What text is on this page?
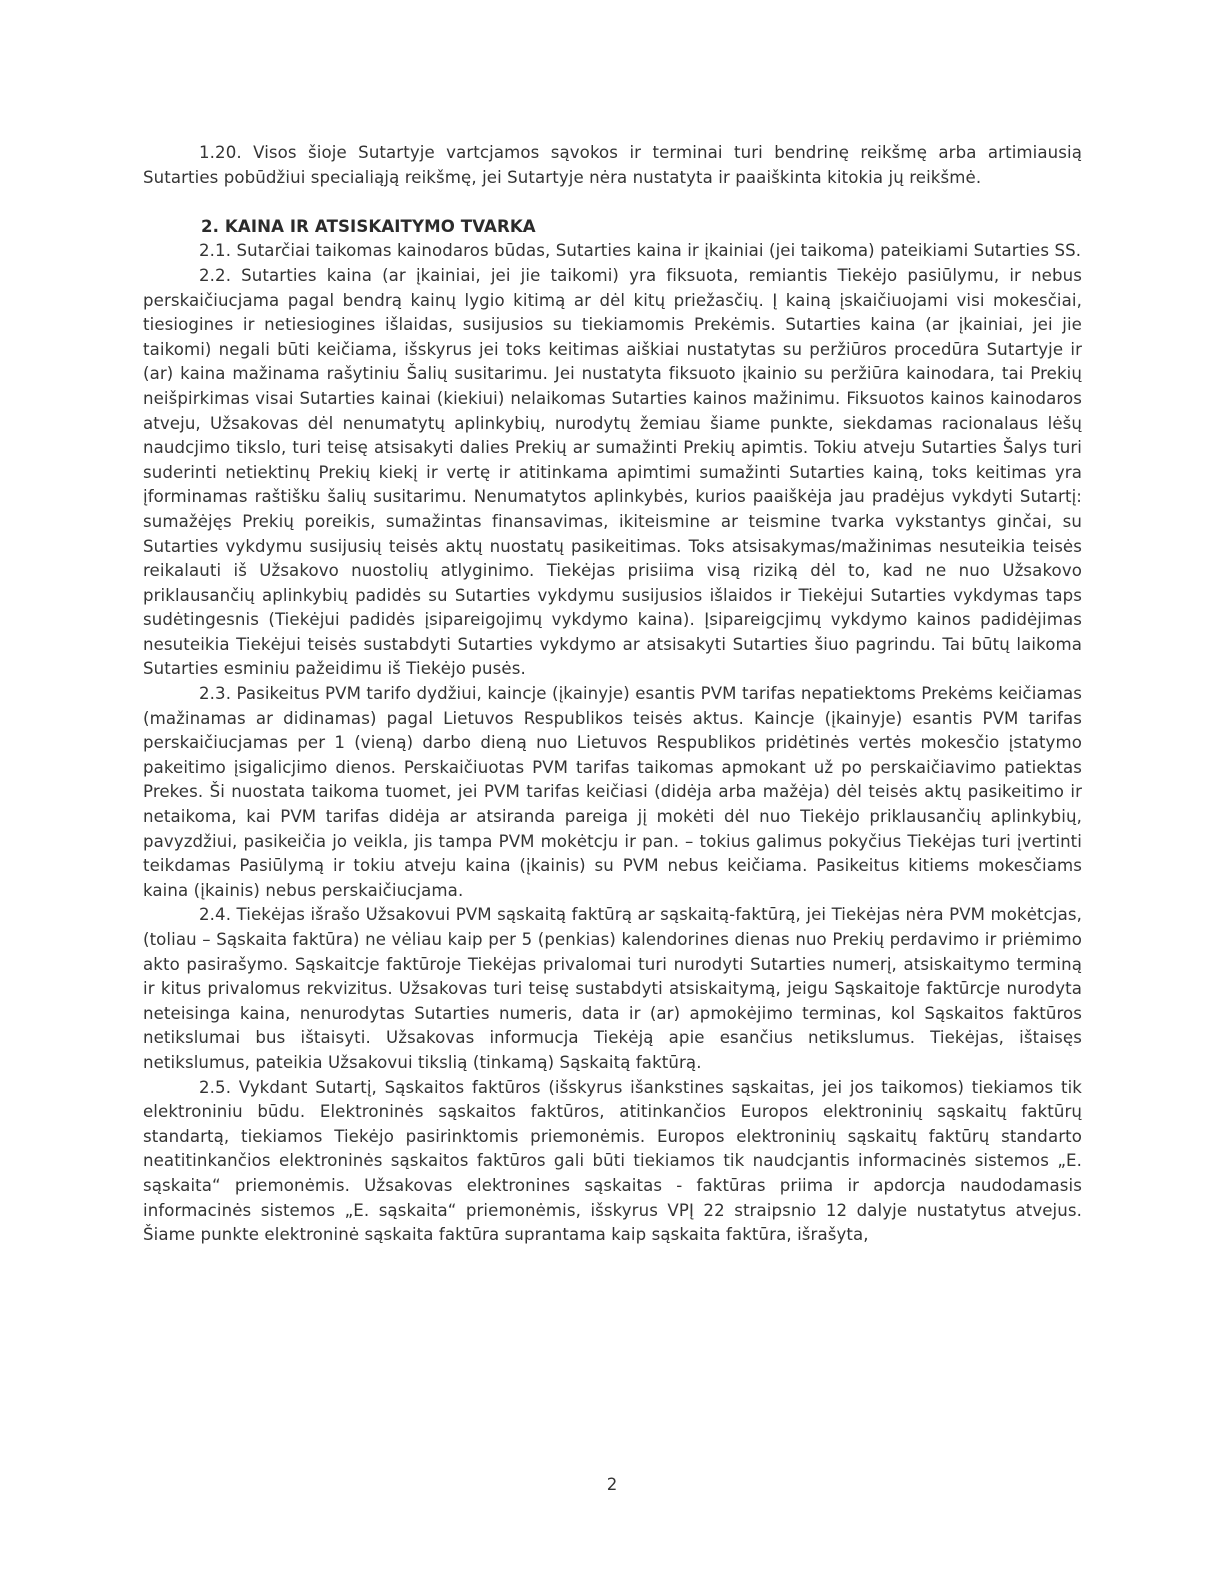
1.20. Visos šioje Sutartyje vartcjamos sąvokos ir terminai turi bendrinę reikšmę arba artimiausią Sutarties pobūdžiui specialiąją reikšmę, jei Sutartyje nėra nustatyta ir paaiškinta kitokia jų reikšmė.

2. KAINA IR ATSISKAITYMO TVARKA

2.1. Sutarčiai taikomas kainodaros būdas, Sutarties kaina ir įkainiai (jei taikoma) pateikiami Sutarties SS.

2.2. Sutarties kaina (ar įkainiai, jei jie taikomi) yra fiksuota, remiantis Tiekėjo pasiūlymu, ir nebus perskaičiucjama pagal bendrą kainų lygio kitimą ar dėl kitų priežasčių. Į kainą įskaičiuojami visi mokesčiai, tiesiogines ir netiesiogines išlaidas, susijusios su tiekiamomis Prekėmis. Sutarties kaina (ar įkainiai, jei jie taikomi) negali būti keičiama, išskyrus jei toks keitimas aiškiai nustatytas su peržiūros procedūra Sutartyje ir (ar) kaina mažinama rašytiniu Šalių susitarimu. Jei nustatyta fiksuoto įkainio su peržiūra kainodara, tai Prekių neišpirkimas visai Sutarties kainai (kiekiui) nelaikomas Sutarties kainos mažinimu. Fiksuotos kainos kainodaros atveju, Užsakovas dėl nenumatytų aplinkybių, nurodytų žemiau šiame punkte, siekdamas racionalaus lėšų naudcjimo tikslo, turi teisę atsisakyti dalies Prekių ar sumažinti Prekių apimtis. Tokiu atveju Sutarties Šalys turi suderinti netiektinų Prekių kiekį ir vertę ir atitinkama apimtimi sumažinti Sutarties kainą, toks keitimas yra įforminamas raštišku šalių susitarimu. Nenumatytos aplinkybės, kurios paaiškėja jau pradėjus vykdyti Sutartį: sumažėjęs Prekių poreikis, sumažintas finansavimas, ikiteismine ar teismine tvarka vykstantys ginčai, su Sutarties vykdymu susijusių teisės aktų nuostatų pasikeitimas. Toks atsisakymas/mažinimas nesuteikia teisės reikalauti iš Užsakovo nuostolių atlyginimo. Tiekėjas prisiima visą riziką dėl to, kad ne nuo Užsakovo priklausančių aplinkybių padidės su Sutarties vykdymu susijusios išlaidos ir Tiekėjui Sutarties vykdymas taps sudėtingesnis (Tiekėjui padidės įsipareigojimų vykdymo kaina). Įsipareigcjimų vykdymo kainos padidėjimas nesuteikia Tiekėjui teisės sustabdyti Sutarties vykdymo ar atsisakyti Sutarties šiuo pagrindu. Tai būtų laikoma Sutarties esminiu pažeidimu iš Tiekėjo pusės.

2.3. Pasikeitus PVM tarifo dydžiui, kaincje (įkainyje) esantis PVM tarifas nepatiektoms Prekėms keičiamas (mažinamas ar didinamas) pagal Lietuvos Respublikos teisės aktus. Kaincje (įkainyje) esantis PVM tarifas perskaičiucjamas per 1 (vieną) darbo dieną nuo Lietuvos Respublikos pridėtinės vertės mokesčio įstatymo pakeitimo įsigalicjimo dienos. Perskaičiuotas PVM tarifas taikomas apmokant už po perskaičiavimo patiektas Prekes. Ši nuostata taikoma tuomet, jei PVM tarifas keičiasi (didėja arba mažėja) dėl teisės aktų pasikeitimo ir netaikoma, kai PVM tarifas didėja ar atsiranda pareiga jį mokėti dėl nuo Tiekėjo priklausančių aplinkybių, pavyzdžiui, pasikeičia jo veikla, jis tampa PVM mokėtcju ir pan. – tokius galimus pokyčius Tiekėjas turi įvertinti teikdamas Pasiūlymą ir tokiu atveju kaina (įkainis) su PVM nebus keičiama. Pasikeitus kitiems mokesčiams kaina (įkainis) nebus perskaičiucjama.

2.4. Tiekėjas išrašo Užsakovui PVM sąskaitą faktūrą ar sąskaitą-faktūrą, jei Tiekėjas nėra PVM mokėtcjas, (toliau – Sąskaita faktūra) ne vėliau kaip per 5 (penkias) kalendorines dienas nuo Prekių perdavimo ir priėmimo akto pasirašymo. Sąskaitcje faktūroje Tiekėjas privalomai turi nurodyti Sutarties numerį, atsiskaitymo terminą ir kitus privalomus rekvizitus. Užsakovas turi teisę sustabdyti atsiskaitymą, jeigu Sąskaitoje faktūrcje nurodyta neteisinga kaina, nenurodytas Sutarties numeris, data ir (ar) apmokėjimo terminas, kol Sąskaitos faktūros netikslumai bus ištaisyti. Užsakovas informucja Tiekėją apie esančius netikslumus. Tiekėjas, ištaisęs netikslumus, pateikia Užsakovui tikslią (tinkamą) Sąskaitą faktūrą.

2.5. Vykdant Sutartį, Sąskaitos faktūros (išskyrus išankstines sąskaitas, jei jos taikomos) tiekiamos tik elektroniniu būdu. Elektroninės sąskaitos faktūros, atitinkančios Europos elektroninių sąskaitų faktūrų standartą, tiekiamos Tiekėjo pasirinktomis priemonėmis. Europos elektroninių sąskaitų faktūrų standarto neatitinkančios elektroninės sąskaitos faktūros gali būti tiekiamos tik naudcjantis informacinės sistemos „E. sąskaita“ priemonėmis. Užsakovas elektronines sąskaitas - faktūras priima ir apdorcja naudodamasis informacinės sistemos „E. sąskaita“ priemonėmis, išskyrus VPĮ 22 straipsnio 12 dalyje nustatytus atvejus. Šiame punkte elektroninė sąskaita faktūra suprantama kaip sąskaita faktūra, išrašyta,

2
